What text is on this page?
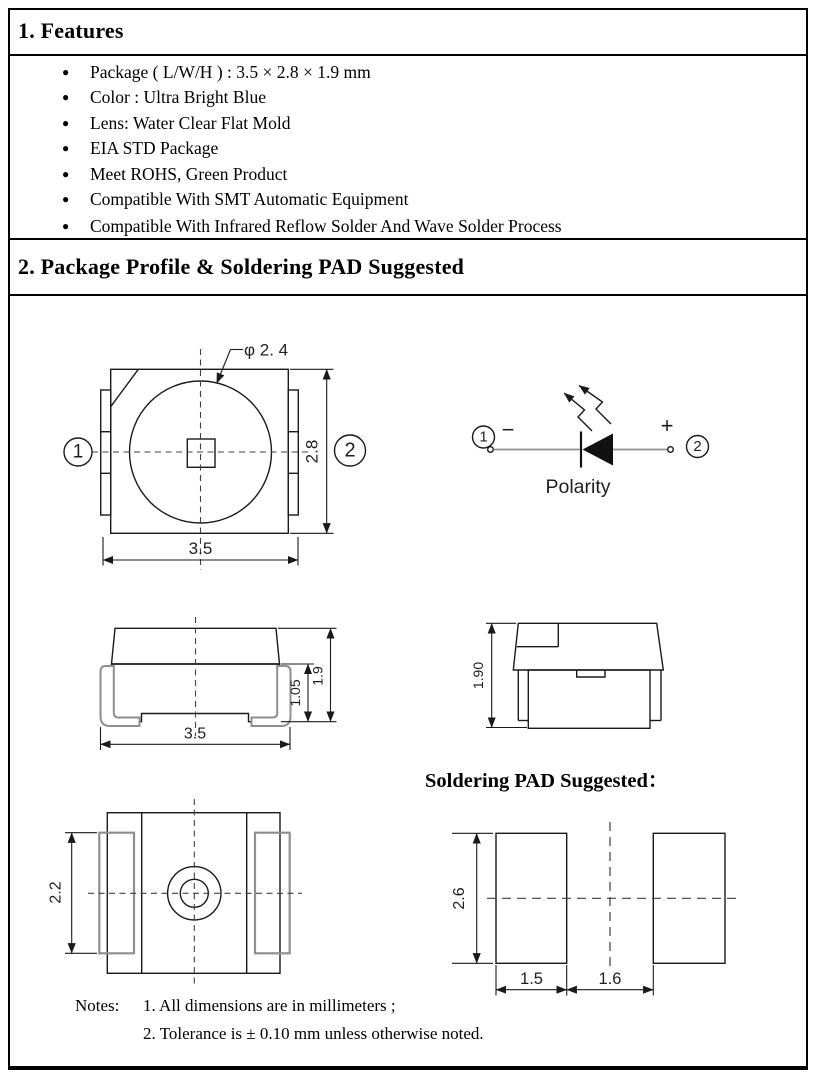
1. Features
●	Package ( L/W/H ) : 3.5 × 2.8 × 1.9 mm
●	Color : Ultra Bright Blue
●	Lens: Water Clear Flat Mold
●	EIA STD Package
●	Meet ROHS, Green Product
●	Compatible With SMT Automatic Equipment
●	Compatible With Infrared Reflow Solder And Wave Solder Process
2. Package Profile & Soldering PAD Suggested
1	2
φ 2. 4
2.8
3.5
1 −	+
2
Polarity
1.05
1.9
3.5
1.90
2.2	2.6
1.5	1.6
Soldering PAD Suggested：
Notes: 1. All dimensions are in millimeters ;
2. Tolerance is ± 0.10 mm unless otherwise noted.
